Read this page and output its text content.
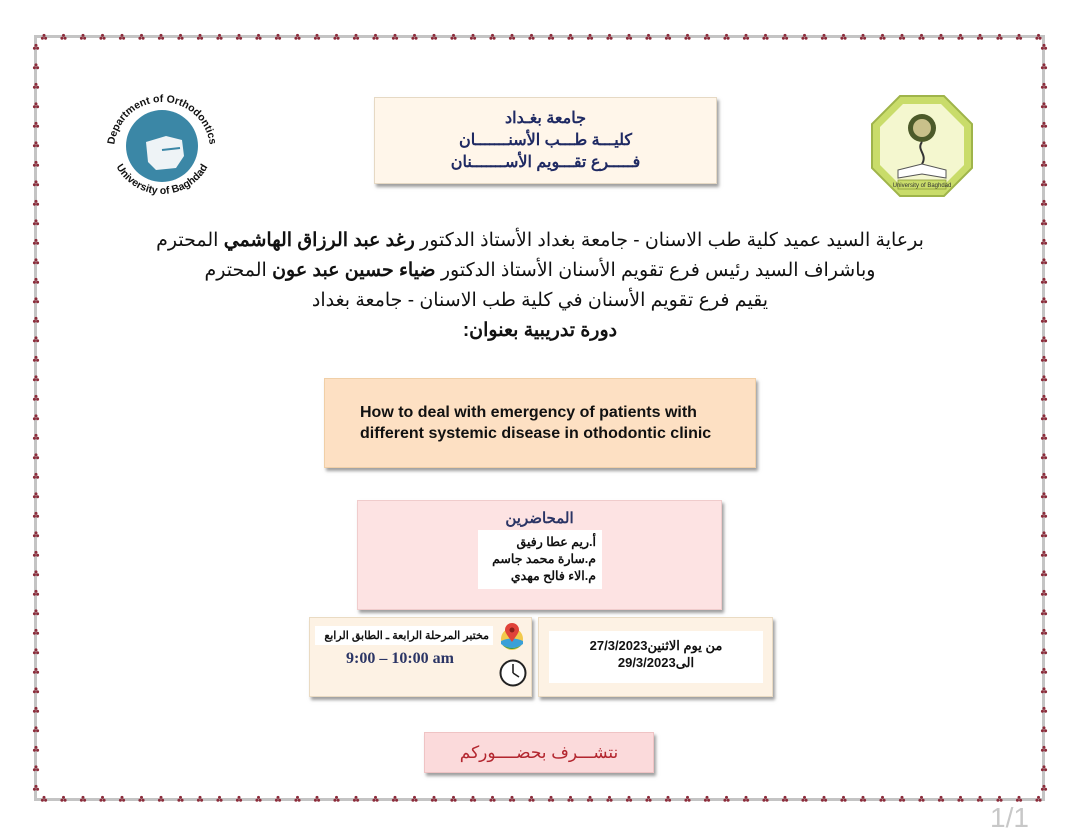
Department of Orthodontics
University of Baghdad
University of Baghdad
جامعة بغـداد
كليـــة طـــب الأسنـــــــان
فـــــرع تقـــويم الأســـــــنان

برعاية السيد عميد كلية طب الاسنان - جامعة بغداد الأستاذ الدكتور رغد عبد الرزاق الهاشمي المحترم

وباشراف السيد رئيس فرع تقويم الأسنان الأستاذ الدكتور ضياء حسين عبد عون المحترم

يقيم فرع تقويم الأسنان في كلية طب الاسنان - جامعة بغداد

دورة تدريبية بعنوان:

How to deal with emergency of patients with
different systemic disease in othodontic clinic
المحاضرين
أ.ريم عطا رفيق
م.سارة محمد جاسم
م.الاء فالح مهدي
مختبر المرحلة الرابعة ـ الطابق الرابع
9:00 – 10:00 am
من يوم الاثنين27/3/2023
الى29/3/2023
نتشـــرف بحضــــوركم
1/1
